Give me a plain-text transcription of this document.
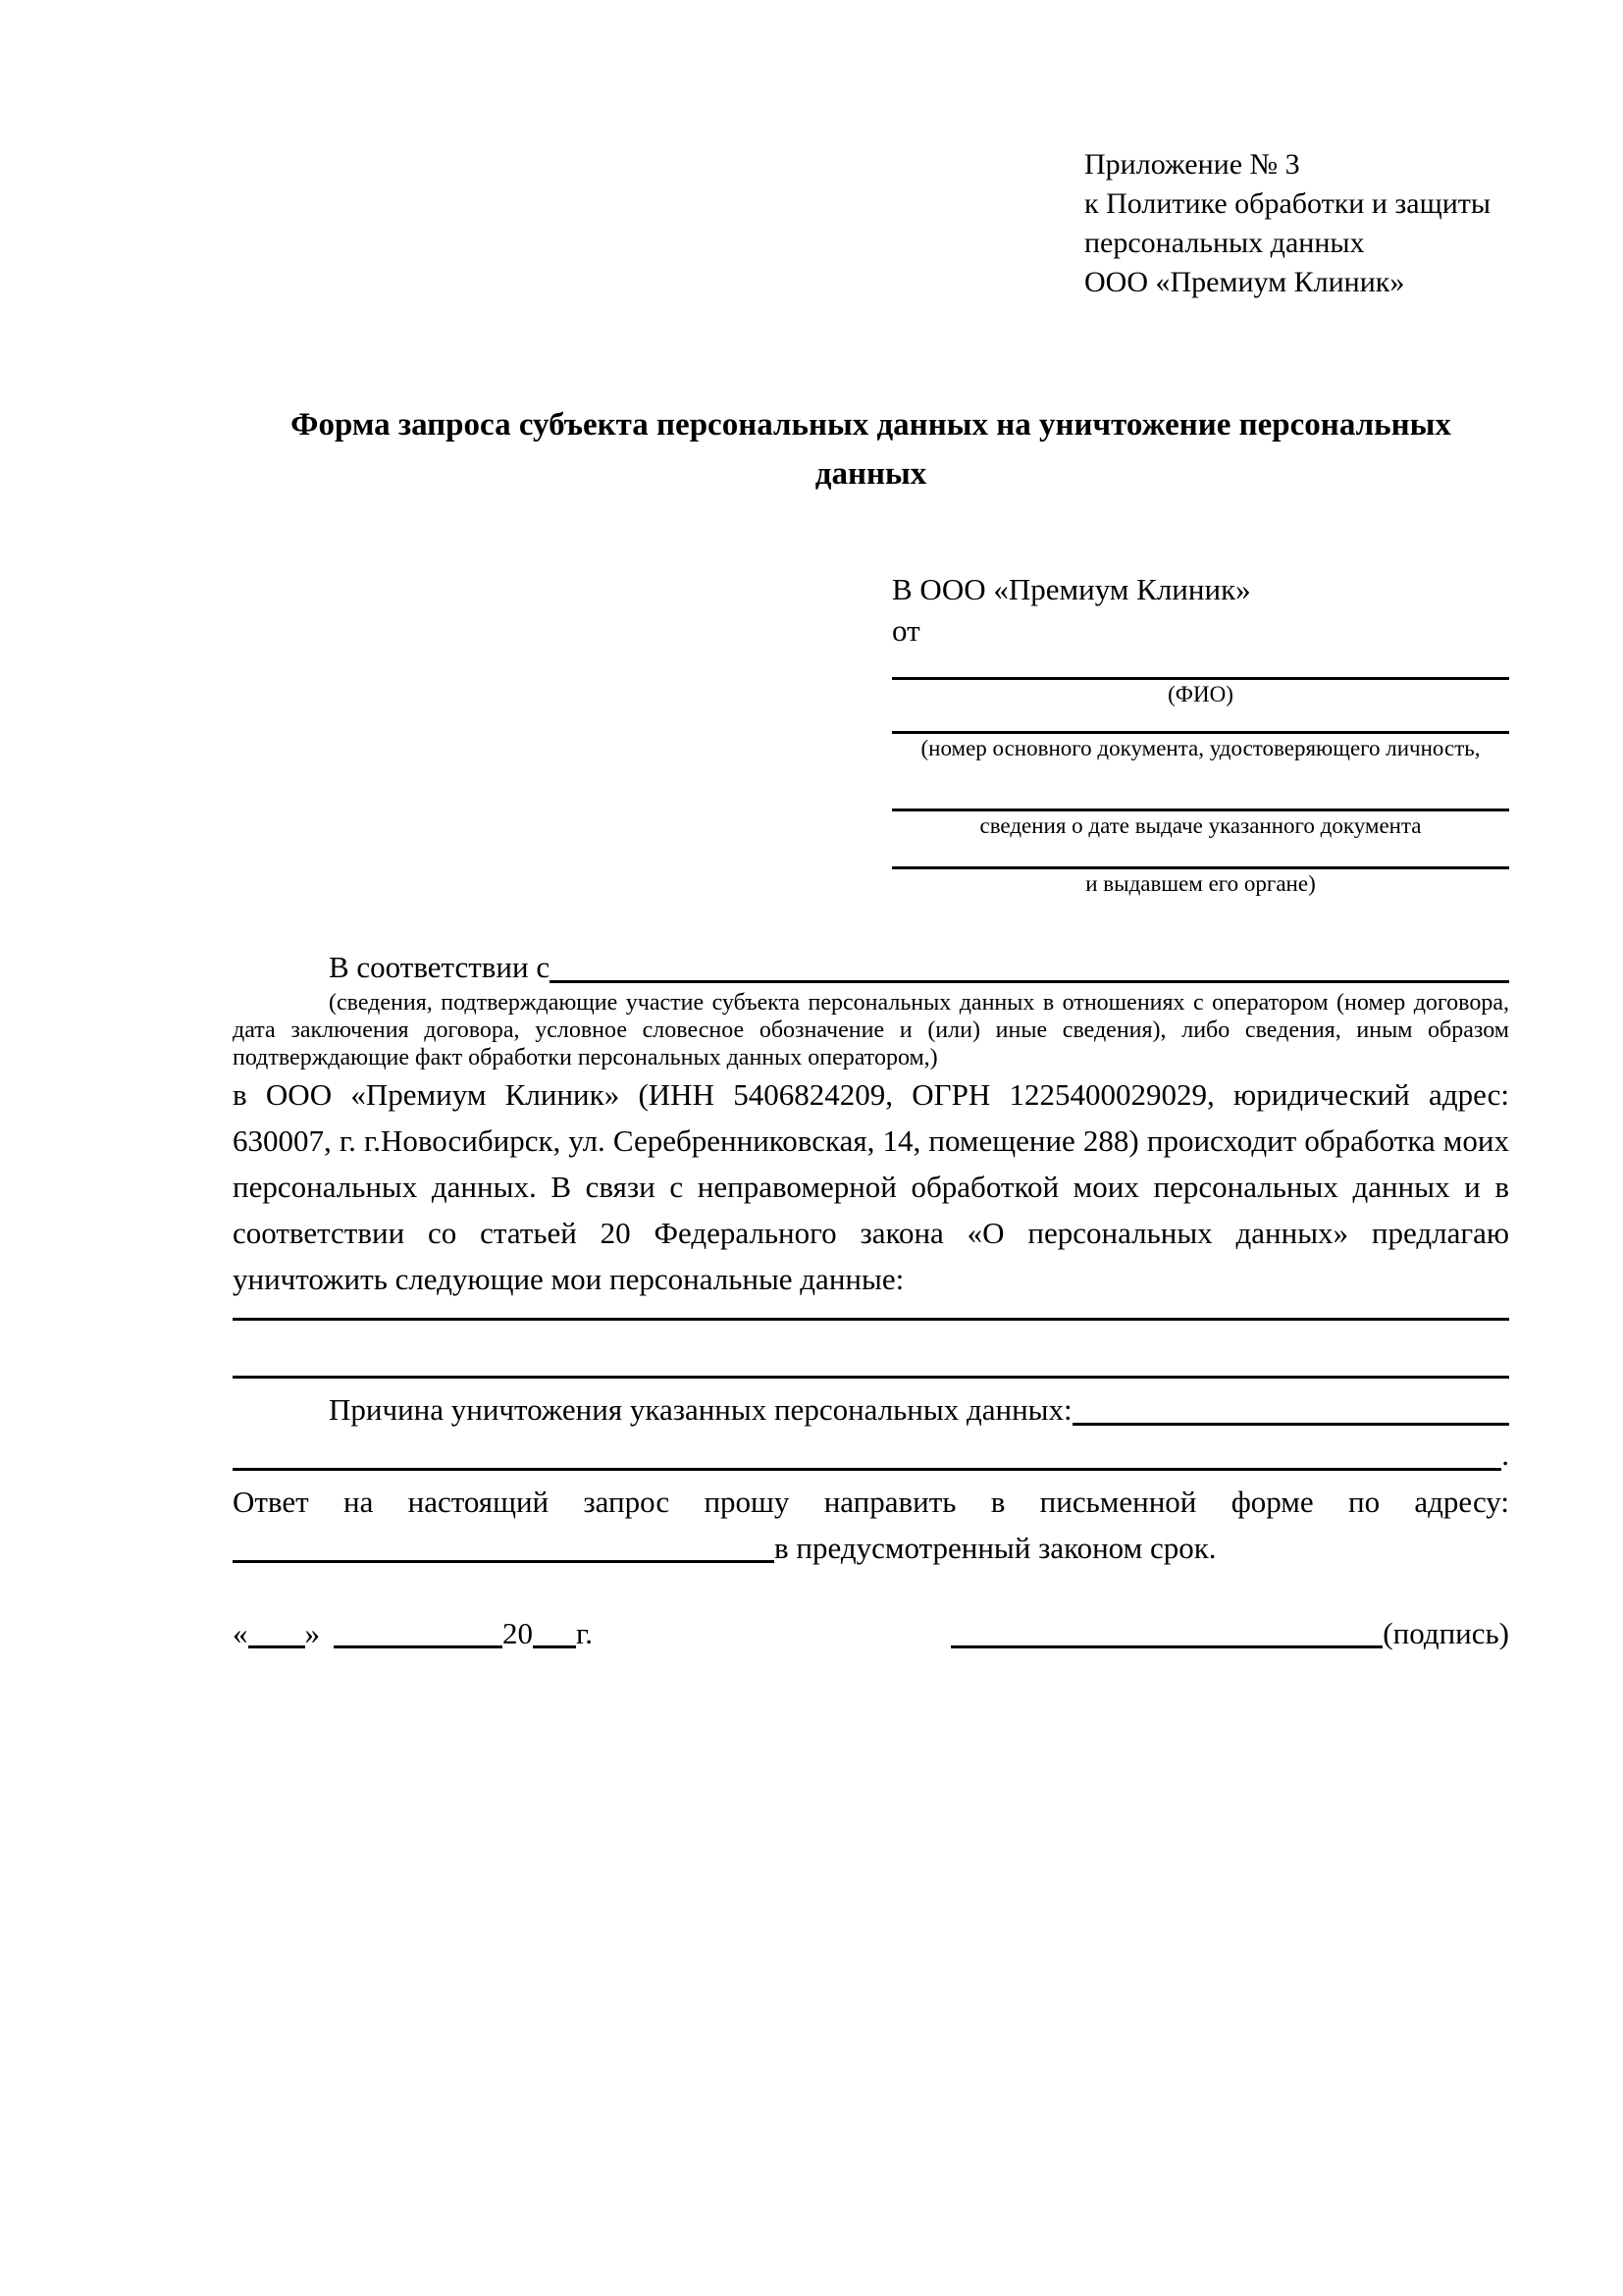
Приложение № 3
к Политике обработки и защиты
персональных данных
ООО «Премиум Клиник»
Форма запроса субъекта персональных данных на уничтожение персональных данных
В ООО «Премиум Клиник»
от
(ФИО)
(номер основного документа, удостоверяющего личность,
сведения о дате выдаче указанного документа
и выдавшем его органе)
В соответствии с
(сведения, подтверждающие участие субъекта персональных данных в отношениях с оператором (номер договора, дата заключения договора, условное словесное обозначение и (или) иные сведения), либо сведения, иным образом подтверждающие факт обработки персональных данных оператором,)
в ООО «Премиум Клиник» (ИНН 5406824209, ОГРН 1225400029029, юридический адрес: 630007, г. г.Новосибирск, ул. Серебренниковская, 14, помещение 288) происходит обработка моих персональных данных. В связи с неправомерной обработкой моих персональных данных и в соответствии со статьей 20 Федерального закона «О персональных данных» предлагаю уничтожить следующие мои персональные данные:
Причина уничтожения указанных персональных данных:
.
Ответ на настоящий запрос прошу направить в письменной форме по адресу: в предусмотренный законом срок.
« »	20 г.	(подпись)
